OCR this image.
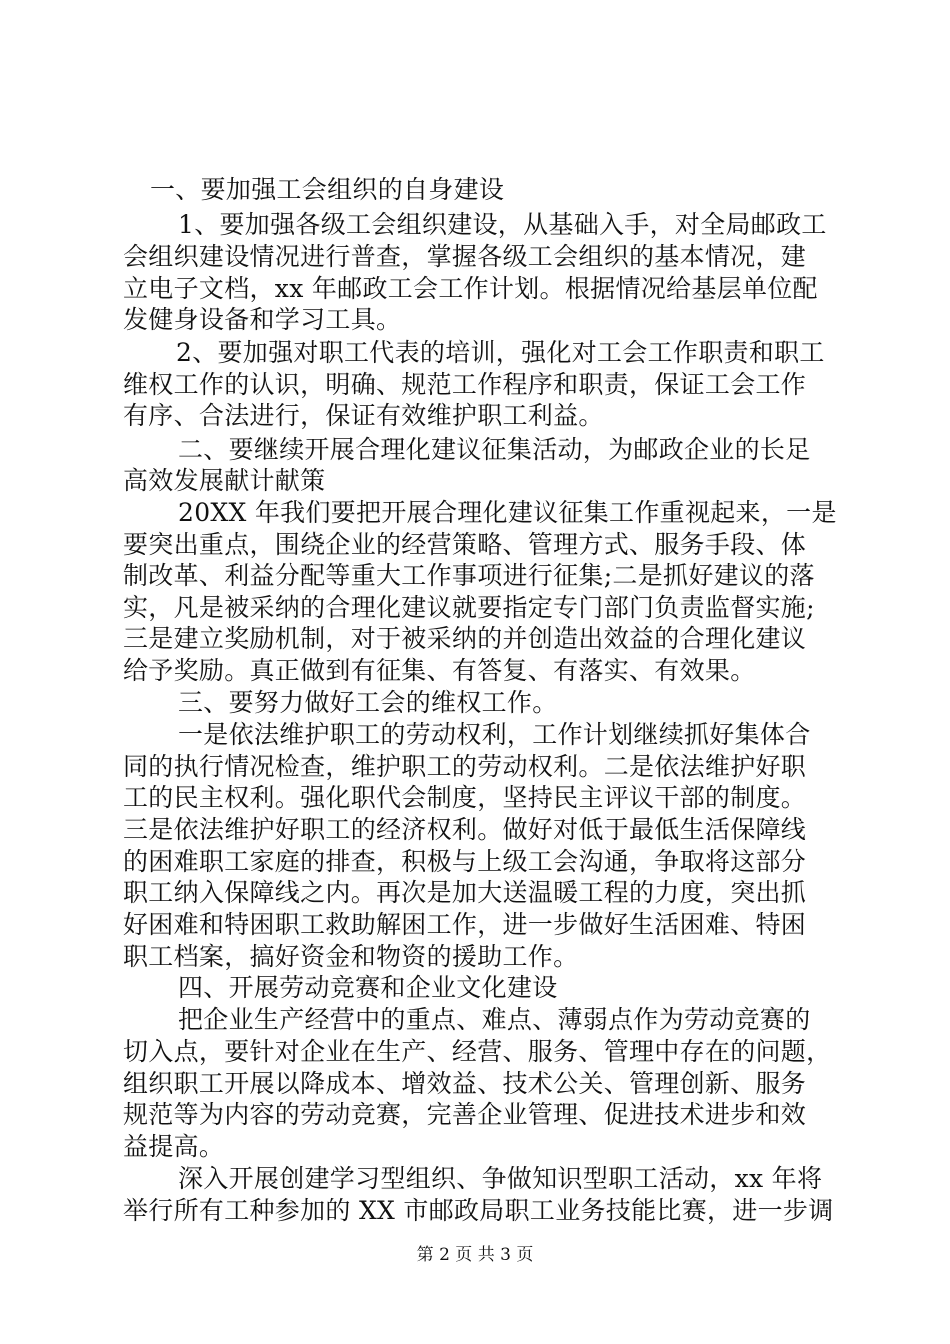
一、要加强工会组织的自身建设
1、要加强各级工会组织建设，从基础入手，对全局邮政工
会组织建设情况进行普查，掌握各级工会组织的基本情况，建
立电子文档，xx 年邮政工会工作计划。根据情况给基层单位配
发健身设备和学习工具。
2、要加强对职工代表的培训，强化对工会工作职责和职工
维权工作的认识，明确、规范工作程序和职责，保证工会工作
有序、合法进行，保证有效维护职工利益。
二、要继续开展合理化建议征集活动，为邮政企业的长足
高效发展献计献策
20XX 年我们要把开展合理化建议征集工作重视起来，一是
要突出重点，围绕企业的经营策略、管理方式、服务手段、体
制改革、利益分配等重大工作事项进行征集;二是抓好建议的落
实，凡是被采纳的合理化建议就要指定专门部门负责监督实施;
三是建立奖励机制，对于被采纳的并创造出效益的合理化建议
给予奖励。真正做到有征集、有答复、有落实、有效果。
三、要努力做好工会的维权工作。
一是依法维护职工的劳动权利，工作计划继续抓好集体合
同的执行情况检查，维护职工的劳动权利。二是依法维护好职
工的民主权利。强化职代会制度，坚持民主评议干部的制度。
三是依法维护好职工的经济权利。做好对低于最低生活保障线
的困难职工家庭的排查，积极与上级工会沟通，争取将这部分
职工纳入保障线之内。再次是加大送温暖工程的力度，突出抓
好困难和特困职工救助解困工作，进一步做好生活困难、特困
职工档案，搞好资金和物资的援助工作。
四、开展劳动竞赛和企业文化建设
把企业生产经营中的重点、难点、薄弱点作为劳动竞赛的
切入点，要针对企业在生产、经营、服务、管理中存在的问题，
组织职工开展以降成本、增效益、技术公关、管理创新、服务
规范等为内容的劳动竞赛，完善企业管理、促进技术进步和效
益提高。
深入开展创建学习型组织、争做知识型职工活动，xx 年将
举行所有工种参加的 XX 市邮政局职工业务技能比赛，进一步调
第 2 页 共 3 页
